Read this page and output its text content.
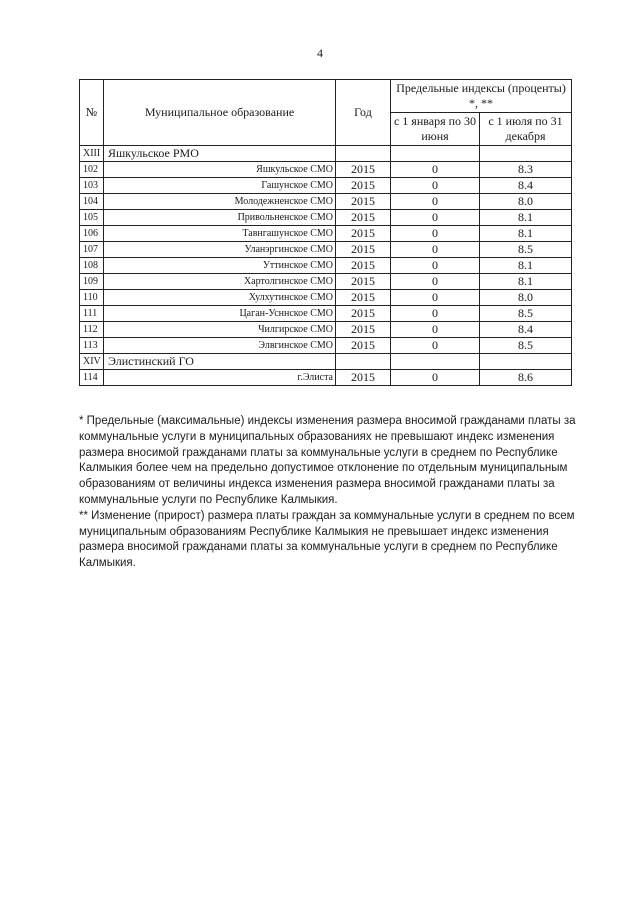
4
№	Муниципальное образование	Год	Предельные индексы (проценты) *, **	
			с 1 января по 30 июня	с 1 июля по 31 декабря
XIII	Яшкульское РМО			
102	Яшкульское СМО	2015	0	8.3
103	Гашунское СМО	2015	0	8.4
104	Молодежненское СМО	2015	0	8.0
105	Привольненское СМО	2015	0	8.1
106	Тавнгашунское СМО	2015	0	8.1
107	Уланэргинское СМО	2015	0	8.5
108	Уттинское СМО	2015	0	8.1
109	Хартолгинское СМО	2015	0	8.1
110	Хулхутинское СМО	2015	0	8.0
111	Цаган-Усннское СМО	2015	0	8.5
112	Чилгирское СМО	2015	0	8.4
113	Элвгинское СМО	2015	0	8.5
XIV	Элистинский ГО			
114	г.Элиста	2015	0	8.6

* Предельные (максимальные) индексы изменения размера вносимой гражданами платы за коммунальные услуги в муниципальных образованиях не превышают индекс изменения размера вносимой гражданами платы за коммунальные услуги в среднем по Республике Калмыкия более чем на предельно допустимое отклонение по отдельным муниципальным образованиям от величины индекса изменения размера вносимой гражданами платы за коммунальные услуги по Республике Калмыкия.

** Изменение (прирост) размера платы граждан за коммунальные услуги в среднем по всем муниципальным образованиям Республике Калмыкия не превышает индекс изменения размера вносимой гражданами платы за коммунальные услуги в среднем по Республике Калмыкия.
